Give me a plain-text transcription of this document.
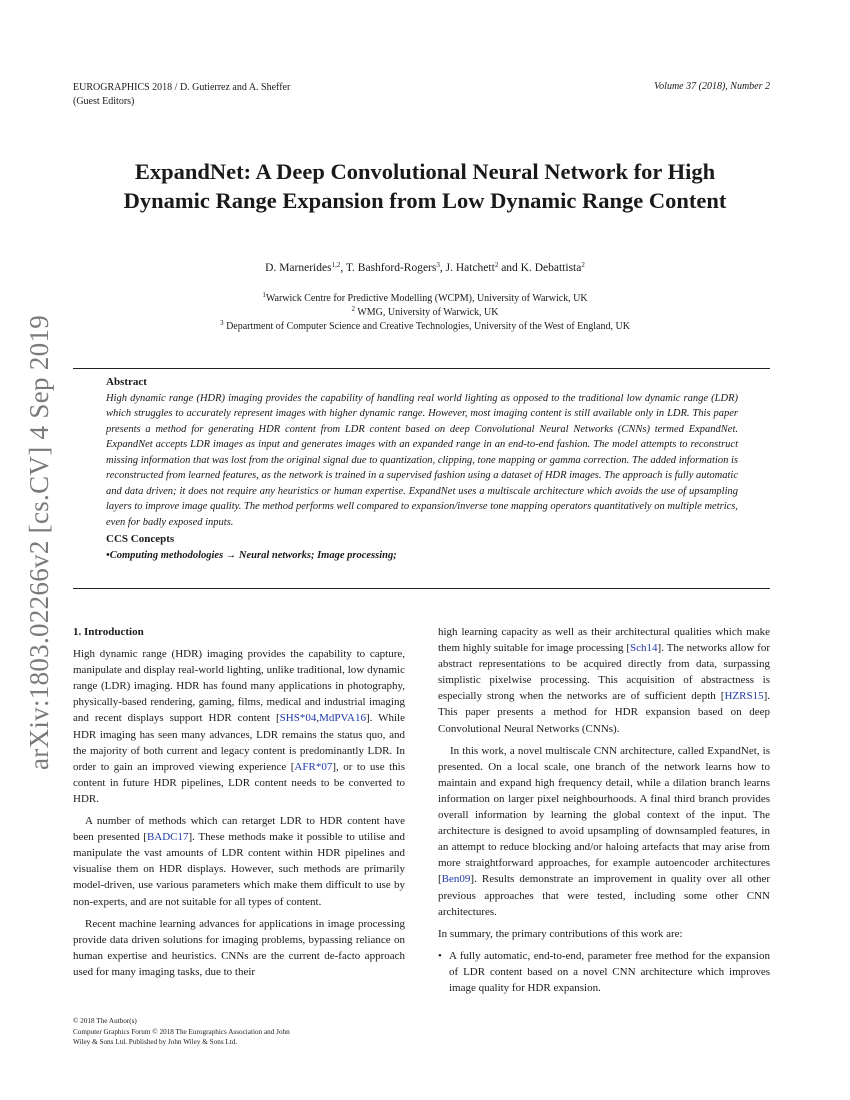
EUROGRAPHICS 2018 / D. Gutierrez and A. Sheffer
(Guest Editors)
Volume 37 (2018), Number 2
arXiv:1803.02266v2 [cs.CV] 4 Sep 2019
ExpandNet: A Deep Convolutional Neural Network for High
Dynamic Range Expansion from Low Dynamic Range Content
D. Marnerides$^{1,2}$, T. Bashford-Rogers$^3$, J. Hatchett$^2$ and K. Debattista$^2$
$^1$Warwick Centre for Predictive Modelling (WCPM), University of Warwick, UK
$^2$ WMG, University of Warwick, UK
$^3$ Department of Computer Science and Creative Technologies, University of the West of England, UK
Abstract
High dynamic range (HDR) imaging provides the capability of handling real world lighting as opposed to the traditional low dynamic range (LDR) which struggles to accurately represent images with higher dynamic range. However, most imaging content is still available only in LDR. This paper presents a method for generating HDR content from LDR content based on deep Convolutional Neural Networks (CNNs) termed ExpandNet. ExpandNet accepts LDR images as input and generates images with an expanded range in an end-to-end fashion. The model attempts to reconstruct missing information that was lost from the original signal due to quantization, clipping, tone mapping or gamma correction. The added information is reconstructed from learned features, as the network is trained in a supervised fashion using a dataset of HDR images. The approach is fully automatic and data driven; it does not require any heuristics or human expertise. ExpandNet uses a multiscale architecture which avoids the use of upsampling layers to improve image quality. The method performs well compared to expansion/inverse tone mapping operators quantitatively on multiple metrics, even for badly exposed inputs.
CCS Concepts
•Computing methodologies → Neural networks; Image processing;
1. Introduction

High dynamic range (HDR) imaging provides the capability to capture, manipulate and display real-world lighting, unlike traditional, low dynamic range (LDR) imaging. HDR has found many applications in photography, physically-based rendering, gaming, films, medical and industrial imaging and recent displays support HDR content [SHS*04,MdPVA16]. While HDR imaging has seen many advances, LDR remains the status quo, and the majority of both current and legacy content is predominantly LDR. In order to gain an improved viewing experience [AFR*07], or to use this content in future HDR pipelines, LDR content needs to be converted to HDR.

A number of methods which can retarget LDR to HDR content have been presented [BADC17]. These methods make it possible to utilise and manipulate the vast amounts of LDR content within HDR pipelines and visualise them on HDR displays. However, such methods are primarily model-driven, use various parameters which make them difficult to use by non-experts, and are not suitable for all types of content.

Recent machine learning advances for applications in image processing provide data driven solutions for imaging problems, bypassing reliance on human expertise and heuristics. CNNs are the current de-facto approach used for many imaging tasks, due to their

high learning capacity as well as their architectural qualities which make them highly suitable for image processing [Sch14]. The networks allow for abstract representations to be acquired directly from data, surpassing simplistic pixelwise processing. This acquisition of abstractness is especially strong when the networks are of sufficient depth [HZRS15]. This paper presents a method for HDR expansion based on deep Convolutional Neural Networks (CNNs).

In this work, a novel multiscale CNN architecture, called ExpandNet, is presented. On a local scale, one branch of the network learns how to maintain and expand high frequency detail, while a dilation branch learns information on larger pixel neighbourhoods. A final third branch provides overall information by learning the global context of the input. The architecture is designed to avoid upsampling of downsampled features, in an attempt to reduce blocking and/or haloing artefacts that may arise from more straightforward approaches, for example autoencoder architectures [Ben09]. Results demonstrate an improvement in quality over all other previous approaches that were tested, including some other CNN architectures.

In summary, the primary contributions of this work are:

• A fully automatic, end-to-end, parameter free method for the expansion of LDR content based on a novel CNN architecture which improves image quality for HDR expansion.
© 2018 The Author(s)
Computer Graphics Forum © 2018 The Eurographics Association and John
Wiley & Sons Ltd. Published by John Wiley & Sons Ltd.
